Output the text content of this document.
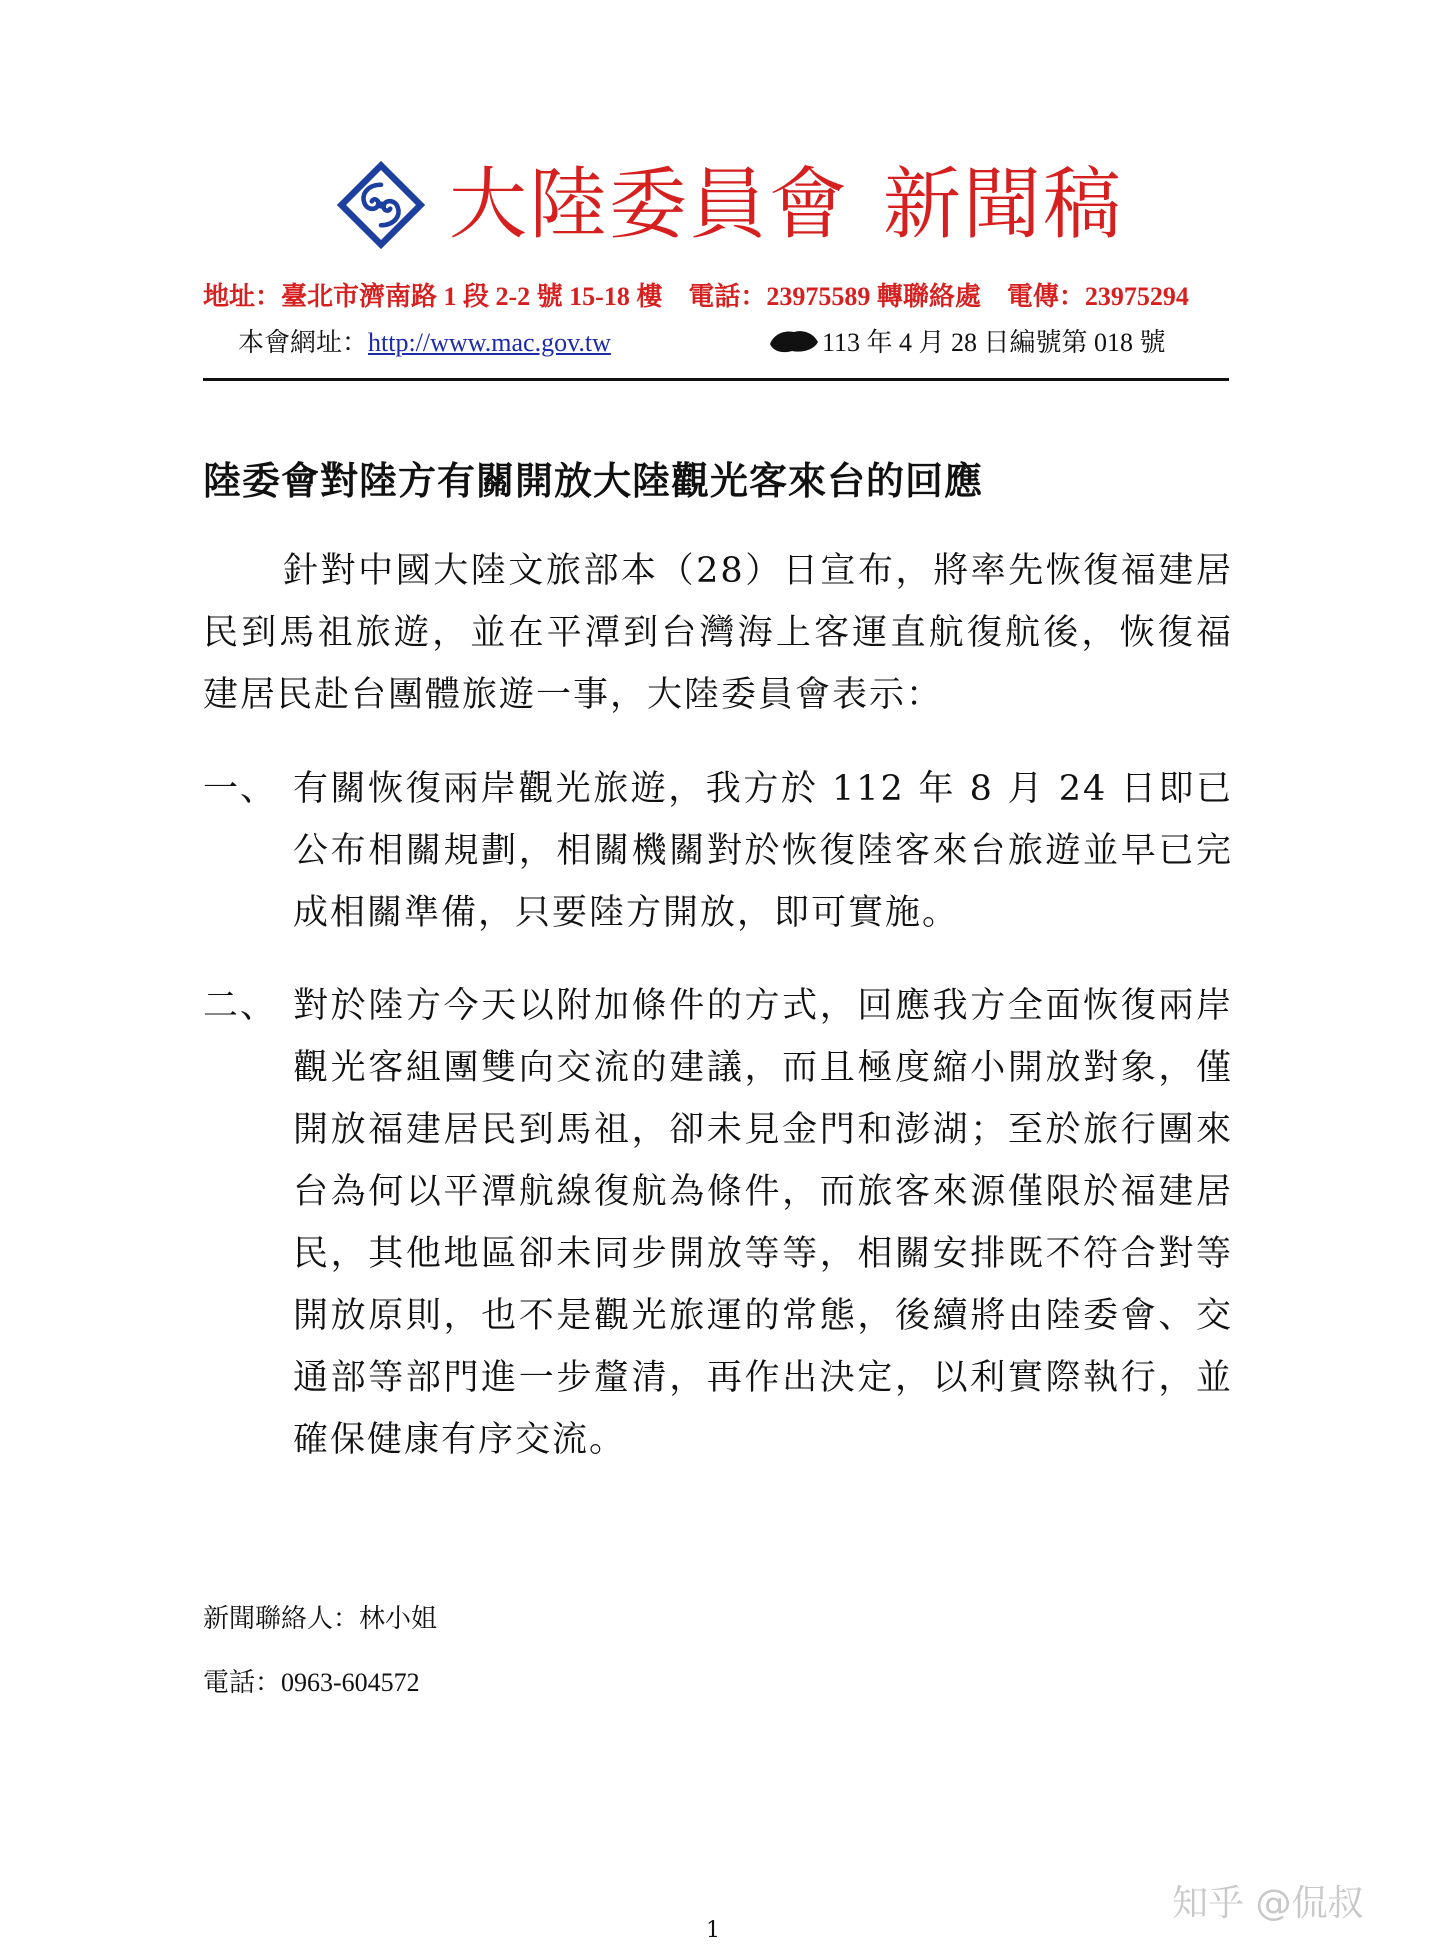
大陸委員會 新聞稿
地址：臺北市濟南路 1 段 2-2 號 15-18 樓　電話：23975589 轉聯絡處　電傳：23975294
本會網址：http://www.mac.gov.tw	113 年 4 月 28 日編號第 018 號
陸委會對陸方有關開放大陸觀光客來台的回應
針對中國大陸文旅部本（28）日宣布，將率先恢復福建居民到馬祖旅遊，並在平潭到台灣海上客運直航復航後，恢復福建居民赴台團體旅遊一事，大陸委員會表示：
一、 有關恢復兩岸觀光旅遊，我方於 112 年 8 月 24 日即已公布相關規劃，相關機關對於恢復陸客來台旅遊並早已完成相關準備，只要陸方開放，即可實施。
二、 對於陸方今天以附加條件的方式，回應我方全面恢復兩岸觀光客組團雙向交流的建議，而且極度縮小開放對象，僅開放福建居民到馬祖，卻未見金門和澎湖；至於旅行團來台為何以平潭航線復航為條件，而旅客來源僅限於福建居民，其他地區卻未同步開放等等，相關安排既不符合對等開放原則，也不是觀光旅運的常態，後續將由陸委會、交通部等部門進一步釐清，再作出決定，以利實際執行，並確保健康有序交流。
新聞聯絡人：林小姐
電話：0963-604572
1
知乎 @侃叔
